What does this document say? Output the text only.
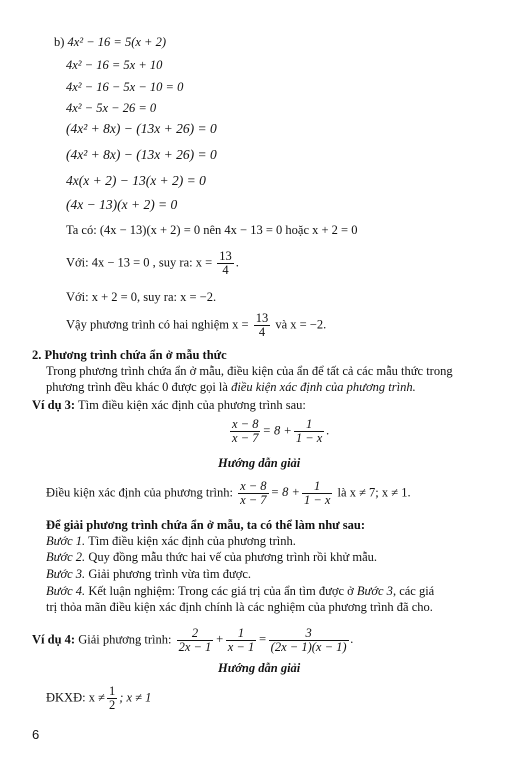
b) 4x² − 16 = 5(x + 2)
4x² − 16 = 5x + 10
4x² − 16 − 5x − 10 = 0
4x² − 5x − 26 = 0
(4x² + 8x) − (13x + 26) = 0
(4x² + 8x) − (13x + 26) = 0
4x(x + 2) − 13(x + 2) = 0
(4x − 13)(x + 2) = 0
Ta có: (4x − 13)(x + 2) = 0 nên 4x − 13 = 0 hoặc x + 2 = 0
Với: 4x − 13 = 0 , suy ra: $x = \frac{13}{4}$ .
Với: x + 2 = 0, suy ra: x = −2.
Vậy phương trình có hai nghiệm $x = \frac{13}{4}$ và x = −2.
2. Phương trình chứa ẩn ở mẫu thức
Trong phương trình chứa ẩn ở mẫu, điều kiện của ẩn để tất cả các mẫu thức trong
phương trình đều khác 0 được gọi là điều kiện xác định của phương trình.
Ví dụ 3: Tìm điều kiện xác định của phương trình sau:
$\frac{x - 8}{x - 7} = 8 + \frac{1}{1 - x}$ .
Hướng dẫn giải
Điều kiện xác định của phương trình: $\frac{x - 8}{x - 7} = 8 + \frac{1}{1 - x}$ là x ≠ 7; x ≠ 1.
Để giải phương trình chứa ẩn ở mẫu, ta có thể làm như sau:
Bước 1. Tìm điều kiện xác định của phương trình.
Bước 2. Quy đồng mẫu thức hai vế của phương trình rồi khử mẫu.
Bước 3. Giải phương trình vừa tìm được.
Bước 4. Kết luận nghiệm: Trong các giá trị của ẩn tìm được ở Bước 3, các giá
trị thỏa mãn điều kiện xác định chính là các nghiệm của phương trình đã cho.
Ví dụ 4: Giải phương trình: $\frac{2}{2x - 1} + \frac{1}{x - 1} = \frac{3}{(2x - 1)(x - 1)}$ .
Hướng dẫn giải
ĐKXĐ: $x \ne \frac{1}{2}$ ; x ≠ 1
6
